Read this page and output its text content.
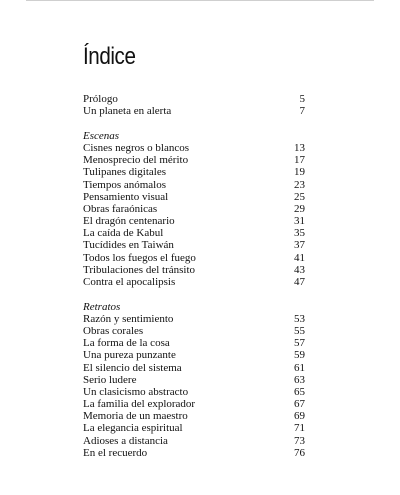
Índice
Prólogo	5
Un planeta en alerta	7
Escenas
Cisnes negros o blancos	13
Menosprecio del mérito	17
Tulipanes digitales	19
Tiempos anómalos	23
Pensamiento visual	25
Obras faraónicas	29
El dragón centenario	31
La caída de Kabul	35
Tucídides en Taiwán	37
Todos los fuegos el fuego	41
Tribulaciones del tránsito	43
Contra el apocalipsis	47
Retratos
Razón y sentimiento	53
Obras corales	55
La forma de la cosa	57
Una pureza punzante	59
El silencio del sistema	61
Serio ludere	63
Un clasicismo abstracto	65
La familia del explorador	67
Memoria de un maestro	69
La elegancia espiritual	71
Adioses a distancia	73
En el recuerdo	76
